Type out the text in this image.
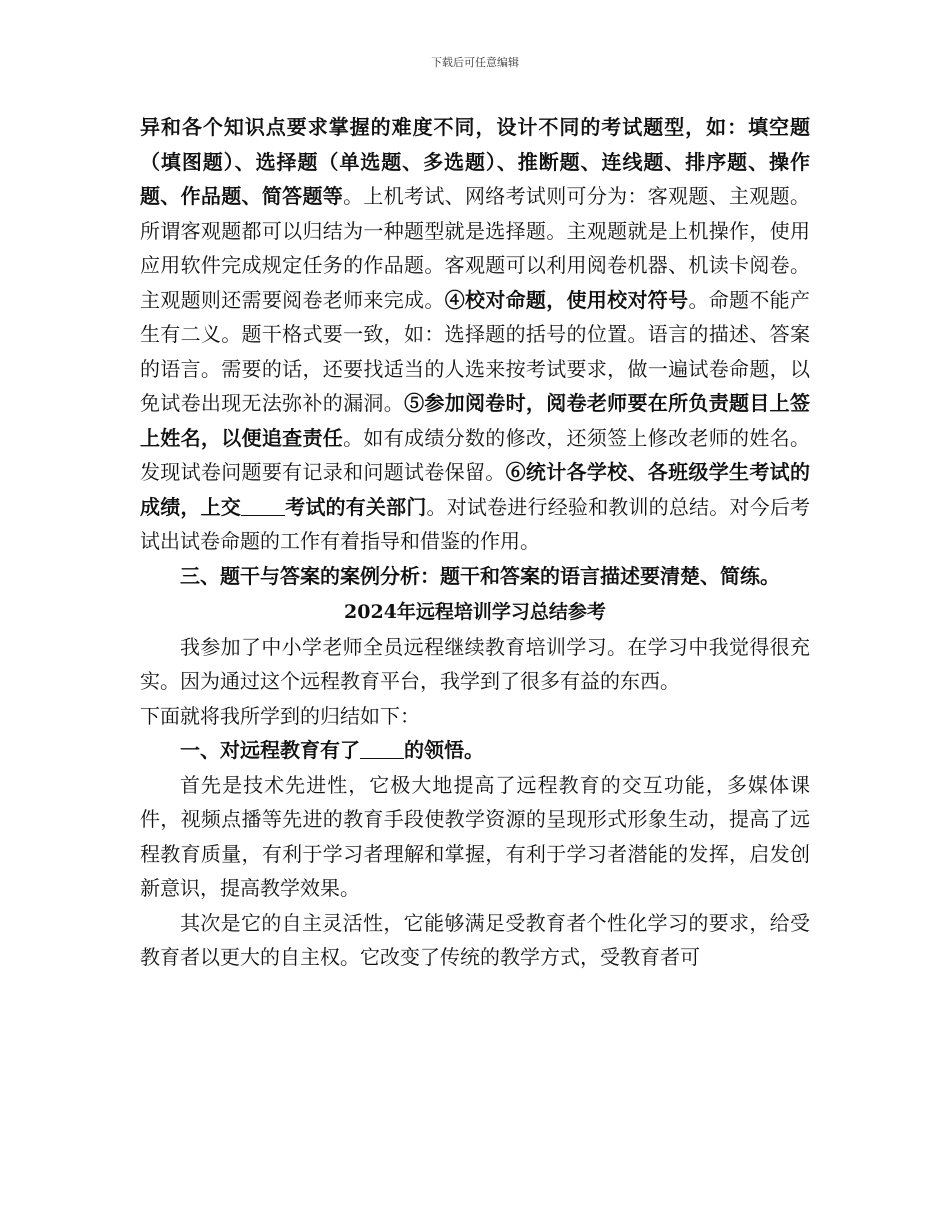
下载后可任意编辑

异和各个知识点要求掌握的难度不同，设计不同的考试题型，如：填空题（填图题）、选择题（单选题、多选题）、推断题、连线题、排序题、操作题、作品题、简答题等。上机考试、网络考试则可分为：客观题、主观题。所谓客观题都可以归结为一种题型就是选择题。主观题就是上机操作，使用应用软件完成规定任务的作品题。客观题可以利用阅卷机器、机读卡阅卷。主观题则还需要阅卷老师来完成。④校对命题，使用校对符号。命题不能产生有二义。题干格式要一致，如：选择题的括号的位置。语言的描述、答案的语言。需要的话，还要找适当的人选来按考试要求，做一遍试卷命题，以免试卷出现无法弥补的漏洞。⑤参加阅卷时，阅卷老师要在所负责题目上签上姓名，以便追查责任。如有成绩分数的修改，还须签上修改老师的姓名。发现试卷问题要有记录和问题试卷保留。⑥统计各学校、各班级学生考试的成绩，上交 考试的有关部门。对试卷进行经验和教训的总结。对今后考试出试卷命题的工作有着指导和借鉴的作用。

三、题干与答案的案例分析：题干和答案的语言描述要清楚、简练。

2024年远程培训学习总结参考

我参加了中小学老师全员远程继续教育培训学习。在学习中我觉得很充实。因为通过这个远程教育平台，我学到了很多有益的东西。
下面就将我所学到的归结如下：

一、对远程教育有了 的领悟。

首先是技术先进性，它极大地提高了远程教育的交互功能，多媒体课件，视频点播等先进的教育手段使教学资源的呈现形式形象生动，提高了远程教育质量，有利于学习者理解和掌握，有利于学习者潜能的发挥，启发创新意识，提高教学效果。

其次是它的自主灵活性，它能够满足受教育者个性化学习的要求，给受教育者以更大的自主权。它改变了传统的教学方式，受教育者可
